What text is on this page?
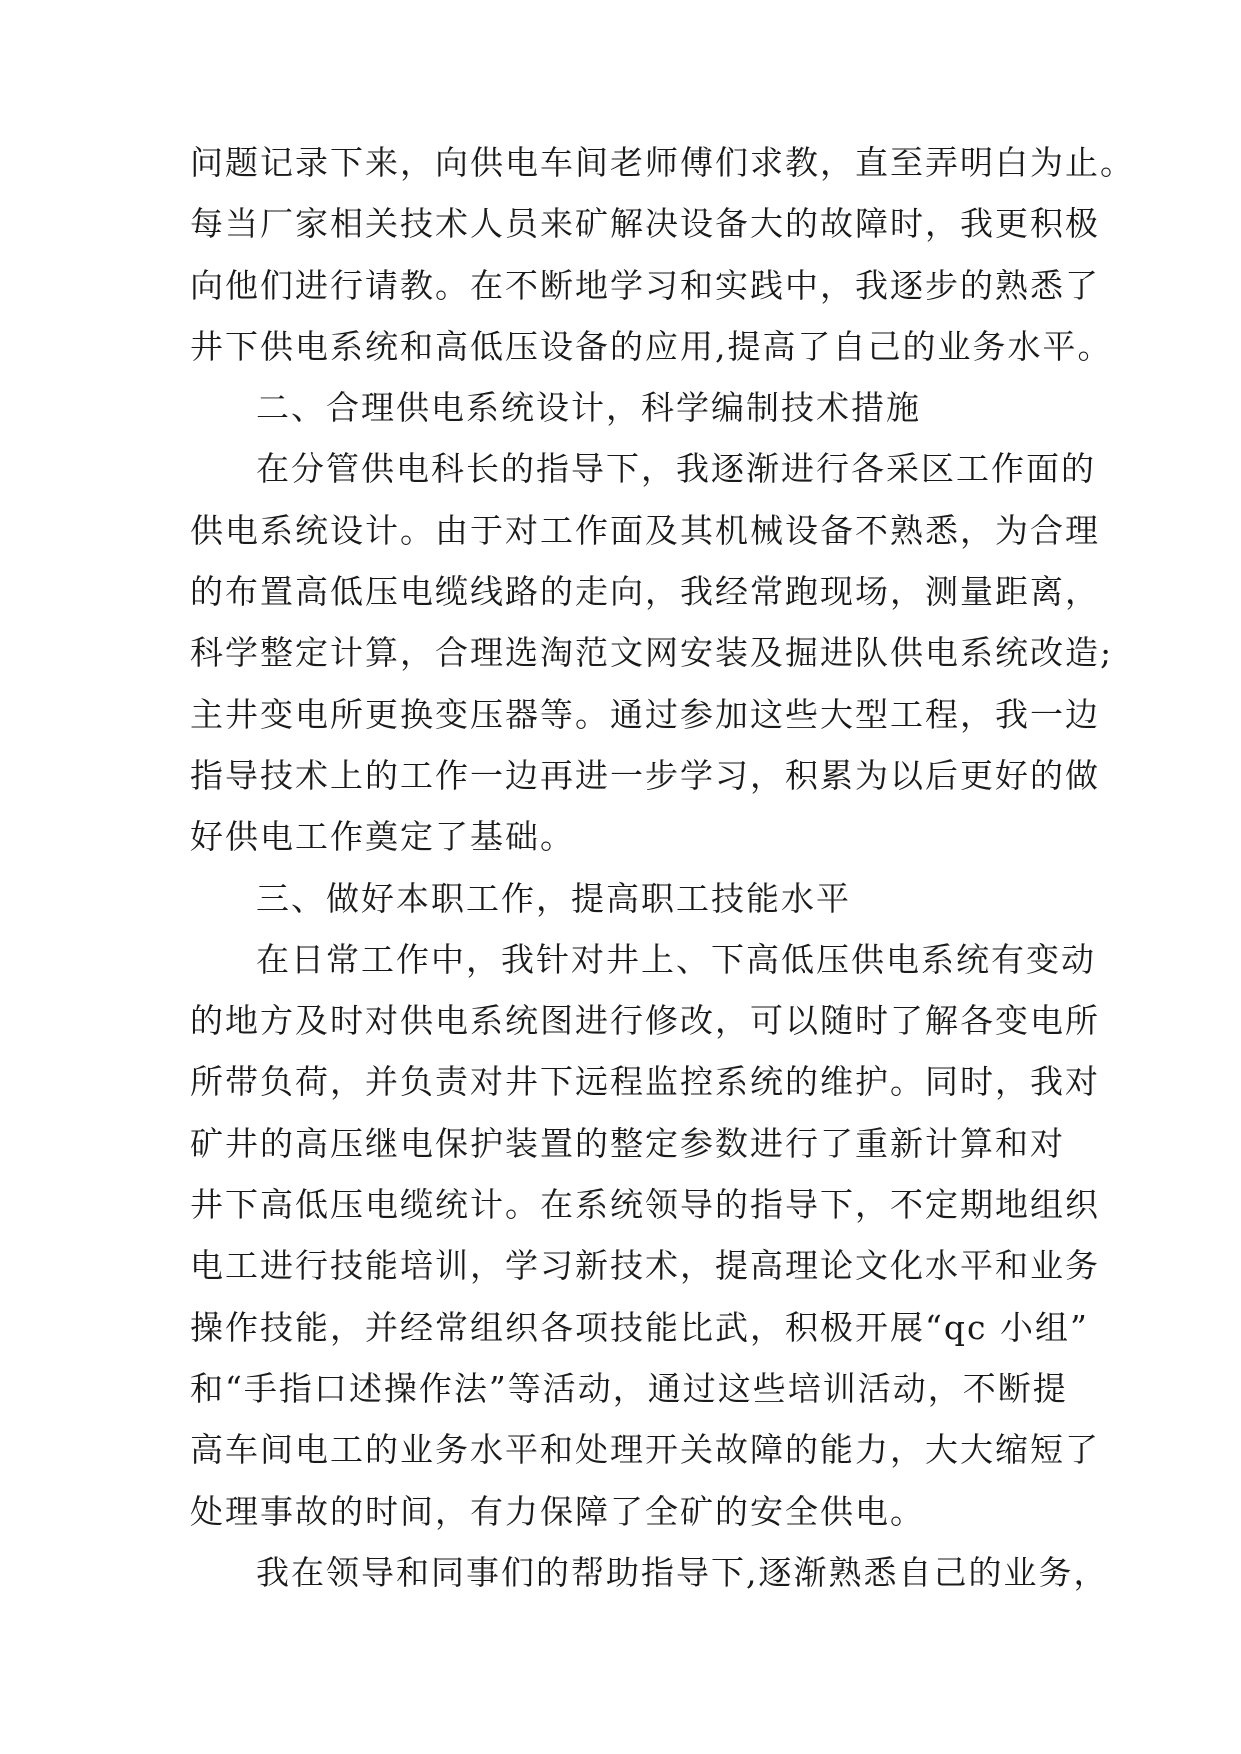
问题记录下来，向供电车间老师傅们求教，直至弄明白为止。
每当厂家相关技术人员来矿解决设备大的故障时，我更积极
向他们进行请教。在不断地学习和实践中，我逐步的熟悉了
井下供电系统和高低压设备的应用,提高了自己的业务水平。
二、合理供电系统设计，科学编制技术措施
在分管供电科长的指导下，我逐渐进行各采区工作面的
供电系统设计。由于对工作面及其机械设备不熟悉，为合理
的布置高低压电缆线路的走向，我经常跑现场，测量距离，
科学整定计算，合理选淘范文网安装及掘进队供电系统改造;
主井变电所更换变压器等。通过参加这些大型工程，我一边
指导技术上的工作一边再进一步学习，积累为以后更好的做
好供电工作奠定了基础。
三、做好本职工作，提高职工技能水平
在日常工作中，我针对井上、下高低压供电系统有变动
的地方及时对供电系统图进行修改，可以随时了解各变电所
所带负荷，并负责对井下远程监控系统的维护。同时，我对
矿井的高压继电保护装置的整定参数进行了重新计算和对
井下高低压电缆统计。在系统领导的指导下，不定期地组织
电工进行技能培训，学习新技术，提高理论文化水平和业务
操作技能，并经常组织各项技能比武，积极开展“qc 小组”
和“手指口述操作法”等活动，通过这些培训活动，不断提
高车间电工的业务水平和处理开关故障的能力，大大缩短了
处理事故的时间，有力保障了全矿的安全供电。
我在领导和同事们的帮助指导下,逐渐熟悉自己的业务，
